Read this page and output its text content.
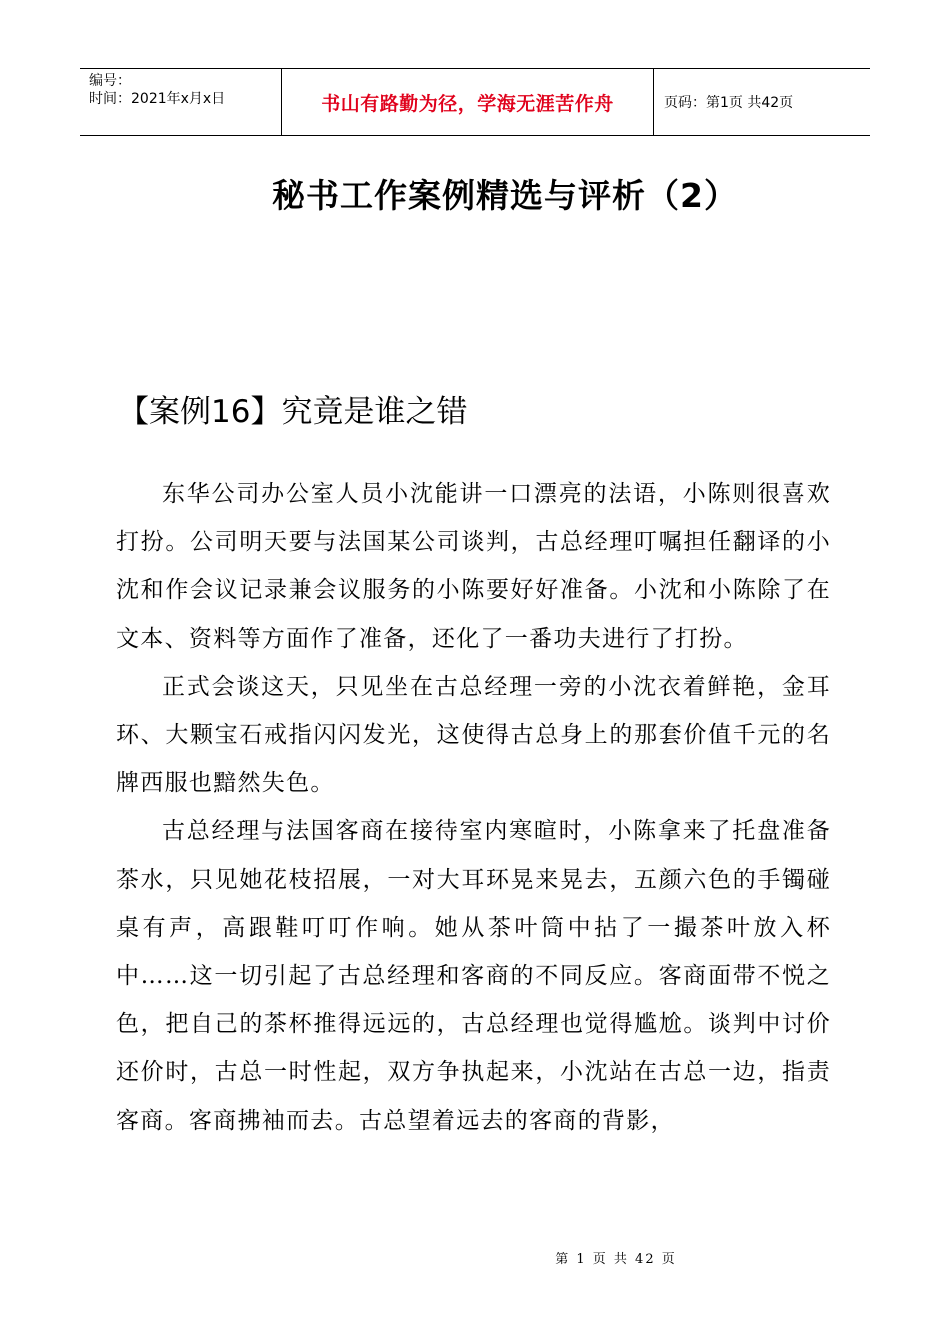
编号：
时间：2021年x月x日	书山有路勤为径，学海无涯苦作舟	页码：第1页 共42页
秘书工作案例精选与评析（2）
【案例16】究竟是谁之错

东华公司办公室人员小沈能讲一口漂亮的法语，小陈则很喜欢打扮。公司明天要与法国某公司谈判，古总经理叮嘱担任翻译的小沈和作会议记录兼会议服务的小陈要好好准备。小沈和小陈除了在文本、资料等方面作了准备，还化了一番功夫进行了打扮。

正式会谈这天，只见坐在古总经理一旁的小沈衣着鲜艳，金耳环、大颗宝石戒指闪闪发光，这使得古总身上的那套价值千元的名牌西服也黯然失色。

古总经理与法国客商在接待室内寒暄时，小陈拿来了托盘准备茶水，只见她花枝招展，一对大耳环晃来晃去，五颜六色的手镯碰桌有声，高跟鞋叮叮作响。她从茶叶筒中拈了一撮茶叶放入杯中……这一切引起了古总经理和客商的不同反应。客商面带不悦之色，把自己的茶杯推得远远的，古总经理也觉得尴尬。谈判中讨价还价时，古总一时性起，双方争执起来，小沈站在古总一边，指责客商。客商拂袖而去。古总望着远去的客商的背影，

第 1 页 共 42 页
